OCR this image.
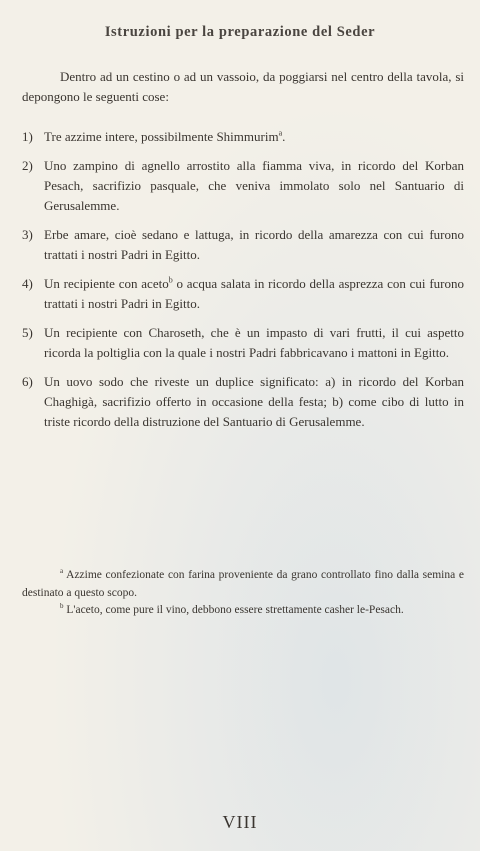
Istruzioni per la preparazione del Seder
Dentro ad un cestino o ad un vassoio, da poggiarsi nel centro della tavola, si depongono le seguenti cose:
1) Tre azzime intere, possibilmente Shimmurim$^a$.
2) Uno zampino di agnello arrostito alla fiamma viva, in ricordo del Korban Pesach, sacrifizio pasquale, che veniva immolato solo nel Santuario di Gerusalemme.
3) Erbe amare, cioè sedano e lattuga, in ricordo della amarezza con cui furono trattati i nostri Padri in Egitto.
4) Un recipiente con aceto$^b$ o acqua salata in ricordo della asprezza con cui furono trattati i nostri Padri in Egitto.
5) Un recipiente con Charoseth, che è un impasto di vari frutti, il cui aspetto ricorda la poltiglia con la quale i nostri Padri fabbricavano i mattoni in Egitto.
6) Un uovo sodo che riveste un duplice significato: a) in ricordo del Korban Chaghigà, sacrifizio offerto in occasione della festa; b) come cibo di lutto in triste ricordo della distruzione del Santuario di Gerusalemme.

$^a$ Azzime confezionate con farina proveniente da grano controllato fino dalla semina e destinato a questo scopo.

$^b$ L'aceto, come pure il vino, debbono essere strettamente casher le-Pesach.

VIII
